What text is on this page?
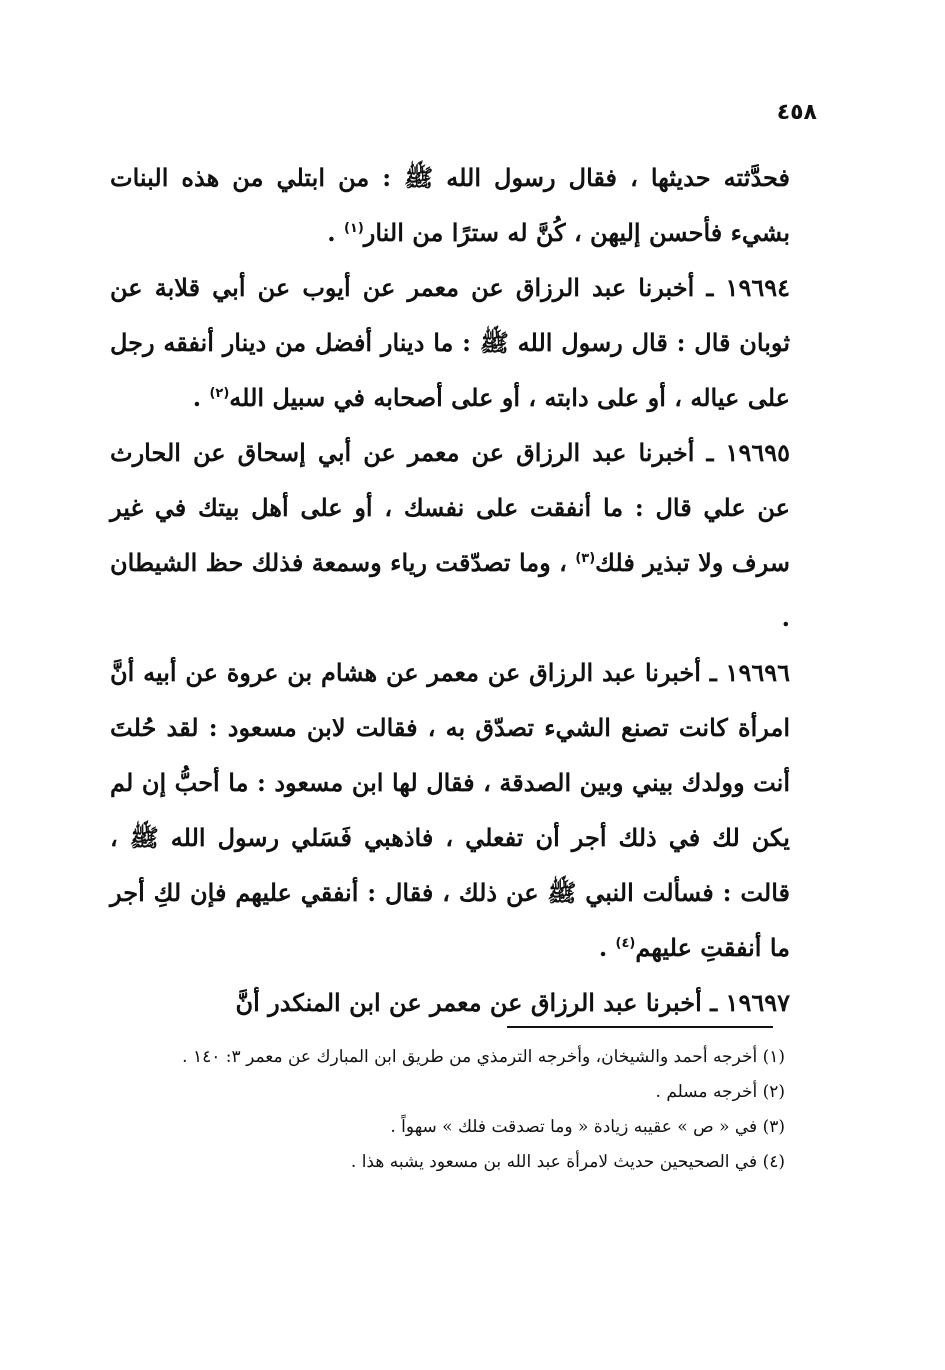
٤٥٨

فحدَّثته حديثها ، فقال رسول الله ﷺ : من ابتلي من هذه البنات بشيء فأحسن إليهن ، كُنَّ له سترًا من النار$^{(١)}$ .

١٩٦٩٤ ـ أخبرنا عبد الرزاق عن معمر عن أيوب عن أبي قلابة عن ثوبان قال : قال رسول الله ﷺ : ما دينار أفضل من دينار أنفقه رجل على عياله ، أو على دابته ، أو على أصحابه في سبيل الله$^{(٢)}$ .

١٩٦٩٥ ـ أخبرنا عبد الرزاق عن معمر عن أبي إسحاق عن الحارث عن علي قال : ما أنفقت على نفسك ، أو على أهل بيتك في غير سرف ولا تبذير فلك$^{(٣)}$ ، وما تصدّقت رياء وسمعة فذلك حظ الشيطان .

١٩٦٩٦ ـ أخبرنا عبد الرزاق عن معمر عن هشام بن عروة عن أبيه أنَّ امرأة كانت تصنع الشيء تصدّق به ، فقالت لابن مسعود : لقد حُلتَ أنت وولدك بيني وبين الصدقة ، فقال لها ابن مسعود : ما أحبُّ إن لم يكن لك في ذلك أجر أن تفعلي ، فاذهبي فَسَلي رسول الله ﷺ ، قالت : فسألت النبي ﷺ عن ذلك ، فقال : أنفقي عليهم فإن لكِ أجر ما أنفقتِ عليهم$^{(٤)}$ .

١٩٦٩٧ ـ أخبرنا عبد الرزاق عن معمر عن ابن المنكدر أنَّ

(١) أخرجه أحمد والشيخان، وأخرجه الترمذي من طريق ابن المبارك عن معمر ٣: ١٤٠ .

(٢) أخرجه مسلم .

(٣) في « ص » عقيبه زيادة « وما تصدقت فلك » سهواً .

(٤) في الصحيحين حديث لامرأة عبد الله بن مسعود يشبه هذا .
